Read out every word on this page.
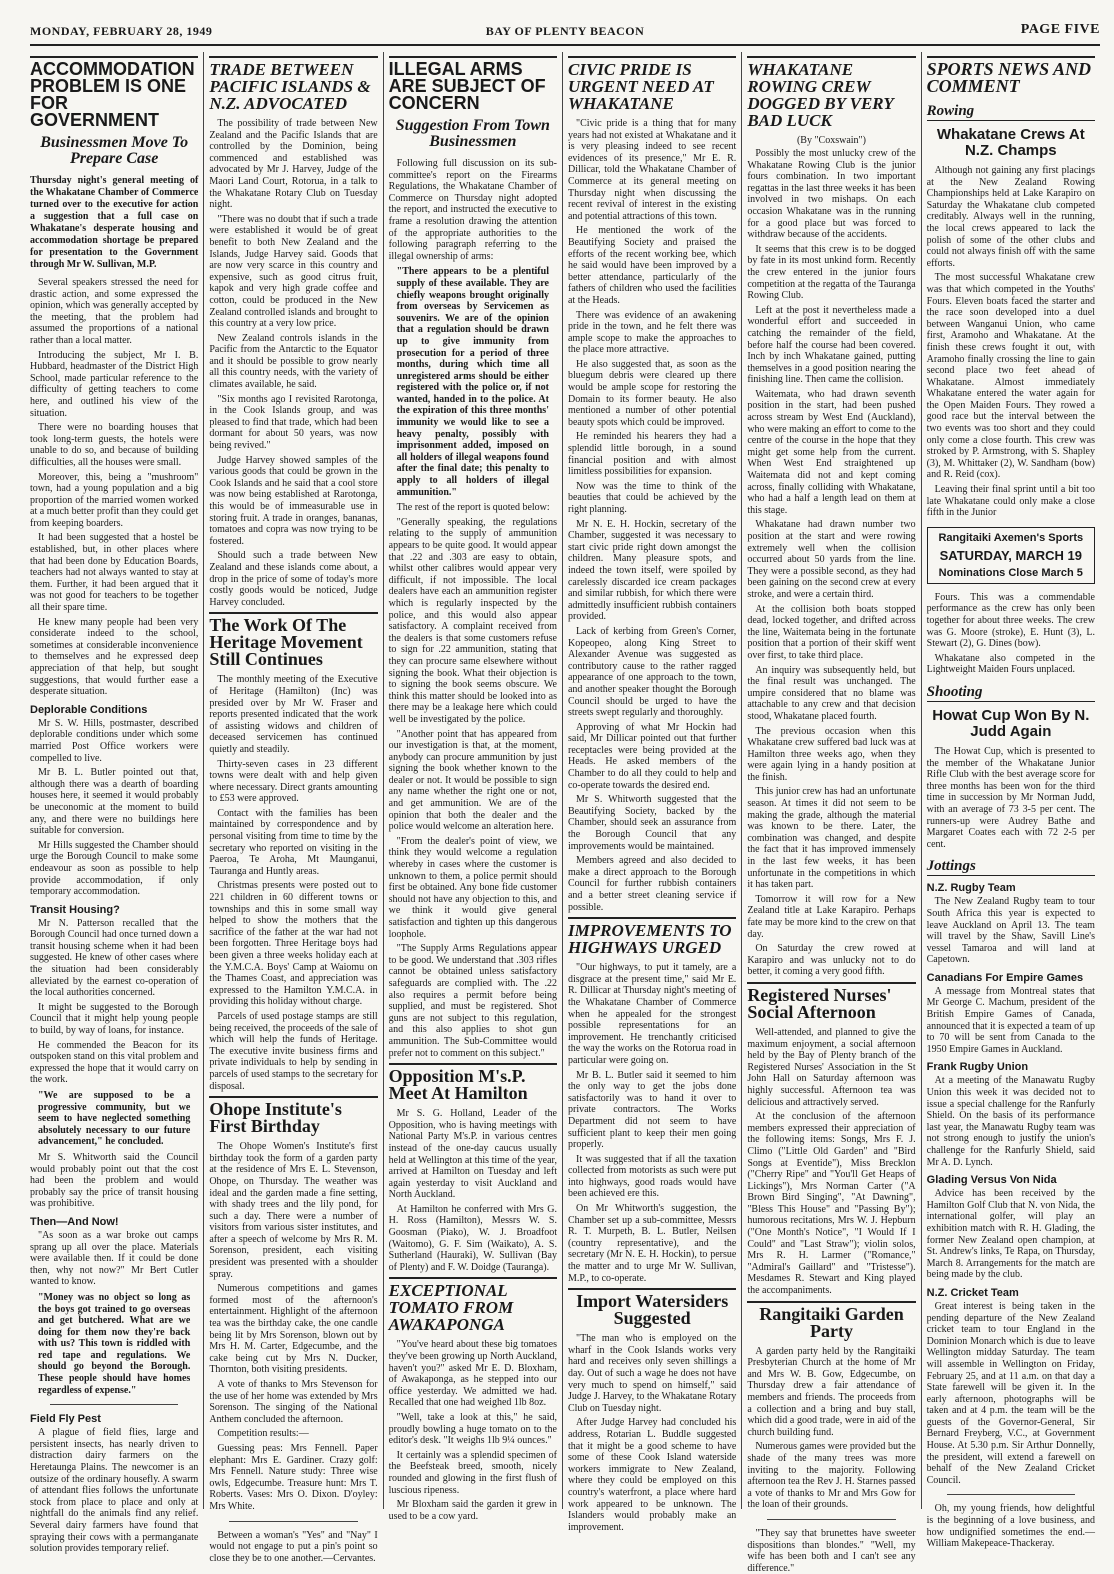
MONDAY, FEBRUARY 28, 1949	BAY OF PLENTY BEACON	PAGE FIVE
ACCOMMODATION PROBLEM IS ONE FOR GOVERNMENT
Businessmen Move To Prepare Case
Thursday night's general meeting of the Whakatane Chamber of Commerce turned over to the executive for action a suggestion that a full case on Whakatane's desperate housing and accommodation shortage be prepared for presentation to the Government through Mr W. Sullivan, M.P.

Several speakers stressed the need for drastic action, and some expressed the opinion, which was generally accepted by the meeting, that the problem had assumed the proportions of a national rather than a local matter.

Introducing the subject, Mr I. B. Hubbard, headmaster of the District High School, made particular reference to the difficulty of getting teachers to come here, and outlined his view of the situation.

There were no boarding houses that took long-term guests, the hotels were unable to do so, and because of building difficulties, all the houses were small.

Moreover, this, being a "mushroom" town, had a young population and a big proportion of the married women worked at a much better profit than they could get from keeping boarders.

It had been suggested that a hostel be established, but, in other places where that had been done by Education Boards, teachers had not always wanted to stay at them. Further, it had been argued that it was not good for teachers to be together all their spare time.

He knew many people had been very considerate indeed to the school, sometimes at considerable inconvenience to themselves and he expressed deep appreciation of that help, but sought suggestions, that would further ease a desperate situation.

Deplorable Conditions

Mr S. W. Hills, postmaster, described deplorable conditions under which some married Post Office workers were compelled to live.

Mr B. L. Butler pointed out that, although there was a dearth of boarding houses here, it seemed it would probably be uneconomic at the moment to build any, and there were no buildings here suitable for conversion.

Mr Hills suggested the Chamber should urge the Borough Council to make some endeavour as soon as possible to help provide accommodation, if only temporary accommodation.

Transit Housing?

Mr N. Patterson recalled that the Borough Council had once turned down a transit housing scheme when it had been suggested. He knew of other cases where the situation had been considerably alleviated by the earnest co-operation of the local authorities concerned.

It might be suggested to the Borough Council that it might help young people to build, by way of loans, for instance.

He commended the Beacon for its outspoken stand on this vital problem and expressed the hope that it would carry on the work.

"We are supposed to be a progressive community, but we seem to have neglected something absolutely necessary to our future advancement," he concluded.

Mr S. Whitworth said the Council would probably point out that the cost had been the problem and would probably say the price of transit housing was prohibitive.

Then—And Now!

"As soon as a war broke out camps sprang up all over the place. Materials were available then. If it could be done then, why not now?" Mr Bert Cutler wanted to know.

"Money was no object so long as the boys got trained to go overseas and get butchered. What are we doing for them now they're back with us? This town is riddled with red tape and regulations. We should go beyond the Borough. These people should have homes regardless of expense."
Field Fly Pest

A plague of field flies, large and persistent insects, has nearly driven to distraction dairy farmers on the Heretaunga Plains. The newcomer is an outsize of the ordinary housefly. A swarm of attendant flies follows the unfortunate stock from place to place and only at nightfall do the animals find any relief. Several dairy farmers have found that spraying their cows with a permanganate solution provides temporary relief.

TRADE BETWEEN PACIFIC ISLANDS & N.Z. ADVOCATED

The possibility of trade between New Zealand and the Pacific Islands that are controlled by the Dominion, being commenced and established was advocated by Mr J. Harvey, Judge of the Maori Land Court, Rotorua, in a talk to the Whakatane Rotary Club on Tuesday night.

"There was no doubt that if such a trade were established it would be of great benefit to both New Zealand and the Islands, Judge Harvey said. Goods that are now very scarce in this country and expensive, such as good citrus fruit, kapok and very high grade coffee and cotton, could be produced in the New Zealand controlled islands and brought to this country at a very low price.

New Zealand controls islands in the Pacific from the Antarctic to the Equator and it should be possible to grow nearly all this country needs, with the variety of climates available, he said.

"Six months ago I revisited Rarotonga, in the Cook Islands group, and was pleased to find that trade, which had been dormant for about 50 years, was now being revived."

Judge Harvey showed samples of the various goods that could be grown in the Cook Islands and he said that a cool store was now being established at Rarotonga, this would be of immeasurable use in storing fruit. A trade in oranges, bananas, tomatoes and copra was now trying to be fostered.

Should such a trade between New Zealand and these islands come about, a drop in the price of some of today's more costly goods would be noticed, Judge Harvey concluded.

The Work Of The Heritage Movement Still Continues

The monthly meeting of the Executive of Heritage (Hamilton) (Inc) was presided over by Mr W. Fraser and reports presented indicated that the work of assisting widows and children of deceased servicemen has continued quietly and steadily.

Thirty-seven cases in 23 different towns were dealt with and help given where necessary. Direct grants amounting to £53 were approved.

Contact with the families has been maintained by correspondence and by personal visiting from time to time by the secretary who reported on visiting in the Paeroa, Te Aroha, Mt Maunganui, Tauranga and Huntly areas.

Christmas presents were posted out to 221 children in 60 different towns or townships and this in some small way helped to show the mothers that the sacrifice of the father at the war had not been forgotten. Three Heritage boys had been given a three weeks holiday each at the Y.M.C.A. Boys' Camp at Waiomu on the Thames Coast, and appreciation was expressed to the Hamilton Y.M.C.A. in providing this holiday without charge.

Parcels of used postage stamps are still being received, the proceeds of the sale of which will help the funds of Heritage. The executive invite business firms and private individuals to help by sending in parcels of used stamps to the secretary for disposal.

Ohope Institute's First Birthday

The Ohope Women's Institute's first birthday took the form of a garden party at the residence of Mrs E. L. Stevenson, Ohope, on Thursday. The weather was ideal and the garden made a fine setting, with shady trees and the lily pond, for such a day. There were a number of visitors from various sister institutes, and after a speech of welcome by Mrs R. M. Sorenson, president, each visiting president was presented with a shoulder spray.

Numerous competitions and games formed most of the afternoon's entertainment. Highlight of the afternoon tea was the birthday cake, the one candle being lit by Mrs Sorenson, blown out by Mrs H. M. Carter, Edgecumbe, and the cake being cut by Mrs N. Ducker, Thornton, both visiting presidents.

A vote of thanks to Mrs Stevenson for the use of her home was extended by Mrs Sorenson. The singing of the National Anthem concluded the afternoon.

Competition results:—

Guessing peas: Mrs Fennell. Paper elephant: Mrs E. Gardiner. Crazy golf: Mrs Fennell. Nature study: Three wise owls, Edgecumbe. Treasure hunt: Mrs T. Roberts. Vases: Mrs O. Dixon. D'oyley: Mrs White.

Between a woman's "Yes" and "Nay" I would not engage to put a pin's point so close they be to one another.—Cervantes.

ILLEGAL ARMS ARE SUBJECT OF CONCERN
Suggestion From Town Businessmen

Following full discussion on its sub-committee's report on the Firearms Regulations, the Whakatane Chamber of Commerce on Thursday night adopted the report, and instructed the executive to frame a resolution drawing the attention of the appropriate authorities to the following paragraph referring to the illegal ownership of arms:

"There appears to be a plentiful supply of these available. They are chiefly weapons brought originally from overseas by Servicemen as souvenirs. We are of the opinion that a regulation should be drawn up to give immunity from prosecution for a period of three months, during which time all unregistered arms should be either registered with the police or, if not wanted, handed in to the police. At the expiration of this three months' immunity we would like to see a heavy penalty, possibly with imprisonment added, imposed on all holders of illegal weapons found after the final date; this penalty to apply to all holders of illegal ammunition."

The rest of the report is quoted below:

"Generally speaking, the regulations relating to the supply of ammunition appears to be quite good. It would appear that .22 and .303 are easy to obtain, whilst other calibres would appear very difficult, if not impossible. The local dealers have each an ammunition register which is regularly inspected by the police, and this would also appear satisfactory. A complaint received from the dealers is that some customers refuse to sign for .22 ammunition, stating that they can procure same elsewhere without signing the book. What their objection is to signing the book seems obscure. We think this matter should be looked into as there may be a leakage here which could well be investigated by the police.

"Another point that has appeared from our investigation is that, at the moment, anybody can procure ammunition by just signing the book whether known to the dealer or not. It would be possible to sign any name whether the right one or not, and get ammunition. We are of the opinion that both the dealer and the police would welcome an alteration here.

"From the dealer's point of view, we think they would welcome a regulation whereby in cases where the customer is unknown to them, a police permit should first be obtained. Any bone fide customer should not have any objection to this, and we think it would give general satisfaction and tighten up this dangerous loophole.

"The Supply Arms Regulations appear to be good. We understand that .303 rifles cannot be obtained unless satisfactory safeguards are complied with. The .22 also requires a permit before being supplied, and must be registered. Shot guns are not subject to this regulation, and this also applies to shot gun ammunition. The Sub-Committee would prefer not to comment on this subject."

Opposition M's.P. Meet At Hamilton

Mr S. G. Holland, Leader of the Opposition, who is having meetings with National Party M's.P. in various centres instead of the one-day caucus usually held at Wellington at this time of the year, arrived at Hamilton on Tuesday and left again yesterday to visit Auckland and North Auckland.

At Hamilton he conferred with Mrs G. H. Ross (Hamilton), Messrs W. S. Goosman (Piako), W. J. Broadfoot (Waitomo), G. F. Sim (Waikato), A. S. Sutherland (Hauraki), W. Sullivan (Bay of Plenty) and F. W. Doidge (Tauranga).

EXCEPTIONAL TOMATO FROM AWAKAPONGA

"You've heard about these big tomatoes they've been growing up North Auckland, haven't you?" asked Mr E. D. Bloxham, of Awakaponga, as he stepped into our office yesterday. We admitted we had. Recalled that one had weighed 1lb 8oz.

"Well, take a look at this," he said, proudly bowling a huge tomato on to the editor's desk. "It weighs 1lb 9¼ ounces."

It certainly was a splendid specimen of the Beefsteak breed, smooth, nicely rounded and glowing in the first flush of luscious ripeness.

Mr Bloxham said the garden it grew in used to be a cow yard.

CIVIC PRIDE IS URGENT NEED AT WHAKATANE

"Civic pride is a thing that for many years had not existed at Whakatane and it is very pleasing indeed to see recent evidences of its presence," Mr E. R. Dillicar, told the Whakatane Chamber of Commerce at its general meeting on Thursday night when discussing the recent revival of interest in the existing and potential attractions of this town.

He mentioned the work of the Beautifying Society and praised the efforts of the recent working bee, which he said would have been improved by a better attendance, particularly of the fathers of children who used the facilities at the Heads.

There was evidence of an awakening pride in the town, and he felt there was ample scope to make the approaches to the place more attractive.

He also suggested that, as soon as the bluegum debris were cleared up there would be ample scope for restoring the Domain to its former beauty. He also mentioned a number of other potential beauty spots which could be improved.

He reminded his hearers they had a splendid little borough, in a sound financial position and with almost limitless possibilities for expansion.

Now was the time to think of the beauties that could be achieved by the right planning.

Mr N. E. H. Hockin, secretary of the Chamber, suggested it was necessary to start civic pride right down amongst the children. Many pleasure spots, and indeed the town itself, were spoiled by carelessly discarded ice cream packages and similar rubbish, for which there were admittedly insufficient rubbish containers provided.

Lack of kerbing from Green's Corner, Kopeopeo, along King Street to Alexander Avenue was suggested as contributory cause to the rather ragged appearance of one approach to the town, and another speaker thought the Borough Council should be urged to have the streets swept regularly and thoroughly.

Approving of what Mr Hockin had said, Mr Dillicar pointed out that further receptacles were being provided at the Heads. He asked members of the Chamber to do all they could to help and co-operate towards the desired end.

Mr S. Whitworth suggested that the Beautifying Society, backed by the Chamber, should seek an assurance from the Borough Council that any improvements would be maintained.

Members agreed and also decided to make a direct approach to the Borough Council for further rubbish containers and a better street cleaning service if possible.

IMPROVEMENTS TO HIGHWAYS URGED

"Our highways, to put it tamely, are a disgrace at the present time," said Mr E. R. Dillicar at Thursday night's meeting of the Whakatane Chamber of Commerce when he appealed for the strongest possible representations for an improvement. He trenchantly criticised the way the works on the Rotorua road in particular were going on.

Mr B. L. Butler said it seemed to him the only way to get the jobs done satisfactorily was to hand it over to private contractors. The Works Department did not seem to have sufficient plant to keep their men going properly.

It was suggested that if all the taxation collected from motorists as such were put into highways, good roads would have been achieved ere this.

On Mr Whitworth's suggestion, the Chamber set up a sub-committee, Messrs R. T. Murpeth, B. L. Butler, Neilsen (country representative), and the secretary (Mr N. E. H. Hockin), to persue the matter and to urge Mr W. Sullivan, M.P., to co-operate.

Import Watersiders Suggested

"The man who is employed on the wharf in the Cook Islands works very hard and receives only seven shillings a day. Out of such a wage he does not have very much to spend on himself," said Judge J. Harvey, to the Whakatane Rotary Club on Tuesday night.

After Judge Harvey had concluded his address, Rotarian L. Buddle suggested that it might be a good scheme to have some of these Cook Island waterside workers immigrate to New Zealand, where they could be employed on this country's waterfront, a place where hard work appeared to be unknown. The Islanders would probably make an improvement.

WHAKATANE ROWING CREW DOGGED BY VERY BAD LUCK
(By "Coxswain")

Possibly the most unlucky crew of the Whakatane Rowing Club is the junior fours combination. In two important regattas in the last three weeks it has been involved in two mishaps. On each occasion Whakatane was in the running for a good place but was forced to withdraw because of the accidents.

It seems that this crew is to be dogged by fate in its most unkind form. Recently the crew entered in the junior fours competition at the regatta of the Tauranga Rowing Club.

Left at the post it nevertheless made a wonderful effort and succeeded in catching the remainder of the field, before half the course had been covered. Inch by inch Whakatane gained, putting themselves in a good position nearing the finishing line. Then came the collision.

Waitemata, who had drawn seventh position in the start, had been pushed across stream by West End (Auckland), who were making an effort to come to the centre of the course in the hope that they might get some help from the current. When West End straightened up Waitemata did not and kept coming across, finally colliding with Whakatane, who had a half a length lead on them at this stage.

Whakatane had drawn number two position at the start and were rowing extremely well when the collision occurred about 50 yards from the line. They were a possible second, as they had been gaining on the second crew at every stroke, and were a certain third.

At the collision both boats stopped dead, locked together, and drifted across the line, Waitemata being in the fortunate position that a portion of their skiff went over first, to take third place.

An inquiry was subsequently held, but the final result was unchanged. The umpire considered that no blame was attachable to any crew and that decision stood, Whakatane placed fourth.

The previous occasion when this Whakatane crew suffered bad luck was at Hamilton three weeks ago, when they were again lying in a handy position at the finish.

This junior crew has had an unfortunate season. At times it did not seem to be making the grade, although the material was known to be there. Later, the combination was changed, and despite the fact that it has improved immensely in the last few weeks, it has been unfortunate in the competitions in which it has taken part.

Tomorrow it will row for a New Zealand title at Lake Karapiro. Perhaps fate may be more kind to the crew on that day.

On Saturday the crew rowed at Karapiro and was unlucky not to do better, it coming a very good fifth.

Registered Nurses' Social Afternoon

Well-attended, and planned to give the maximum enjoyment, a social afternoon held by the Bay of Plenty branch of the Registered Nurses' Association in the St John Hall on Saturday afternoon was highly successful. Afternoon tea was delicious and attractively served.

At the conclusion of the afternoon members expressed their appreciation of the following items: Songs, Mrs F. J. Climo ("Little Old Garden" and "Bird Songs at Eventide"), Miss Brecklon ("Cherry Ripe" and "You'll Get Heaps of Lickings"), Mrs Norman Carter ("A Brown Bird Singing", "At Dawning", "Bless This House" and "Passing By"); humorous recitations, Mrs W. J. Hepburn ("One Month's Notice", "I Would If I Could" and "Last Straw"); violin solos, Mrs R. H. Larmer ("Romance," "Admiral's Gaillard" and "Tristesse"). Mesdames R. Stewart and King played the accompaniments.

Rangitaiki Garden Party

A garden party held by the Rangitaiki Presbyterian Church at the home of Mr and Mrs W. B. Gow, Edgecumbe, on Thursday drew a fair attendance of members and friends. The proceeds from a collection and a bring and buy stall, which did a good trade, were in aid of the church building fund.

Numerous games were provided but the shade of the many trees was more inviting to the majority. Following afternoon tea the Rev J. H. Starnes passed a vote of thanks to Mr and Mrs Gow for the loan of their grounds.

"They say that brunettes have sweeter dispositions than blondes." "Well, my wife has been both and I can't see any difference."

SPORTS NEWS AND COMMENT
Rowing
Whakatane Crews At N.Z. Champs

Although not gaining any first placings at the New Zealand Rowing Championships held at Lake Karapiro on Saturday the Whakatane club competed creditably. Always well in the running, the local crews appeared to lack the polish of some of the other clubs and could not always finish off with the same efforts.

The most successful Whakatane crew was that which competed in the Youths' Fours. Eleven boats faced the starter and the race soon developed into a duel between Wanganui Union, who came first, Aramoho and Whakatane. At the finish these crews fought it out, with Aramoho finally crossing the line to gain second place two feet ahead of Whakatane. Almost immediately Whakatane entered the water again for the Open Maiden Fours. They rowed a good race but the interval between the two events was too short and they could only come a close fourth. This crew was stroked by P. Armstrong, with S. Shapley (3), M. Whittaker (2), W. Sandham (bow) and R. Reid (cox).

Leaving their final sprint until a bit too late Whakatane could only make a close fifth in the Junior

Rangitaiki Axemen's Sports
SATURDAY, MARCH 19
Nominations Close March 5

Fours. This was a commendable performance as the crew has only been together for about three weeks. The crew was G. Moore (stroke), E. Hunt (3), L. Stewart (2), G. Dines (bow).

Whakatane also competed in the Lightweight Maiden Fours unplaced.

Shooting
Howat Cup Won By N. Judd Again

The Howat Cup, which is presented to the member of the Whakatane Junior Rifle Club with the best average score for three months has been won for the third time in succession by Mr Norman Judd, with an average of 73 3-5 per cent. The runners-up were Audrey Bathe and Margaret Coates each with 72 2-5 per cent.

Jottings
N.Z. Rugby Team

The New Zealand Rugby team to tour South Africa this year is expected to leave Auckland on April 13. The team will travel by the Shaw, Savill Line's vessel Tamaroa and will land at Capetown.

Canadians For Empire Games

A message from Montreal states that Mr George C. Machum, president of the British Empire Games of Canada, announced that it is expected a team of up to 70 will be sent from Canada to the 1950 Empire Games in Auckland.

Frank Rugby Union

At a meeting of the Manawatu Rugby Union this week it was decided not to issue a special challenge for the Ranfurly Shield. On the basis of its performance last year, the Manawatu Rugby team was not strong enough to justify the union's challenge for the Ranfurly Shield, said Mr A. D. Lynch.

Glading Versus Von Nida

Advice has been received by the Hamilton Golf Club that N. von Nida, the international golfer, will play an exhibition match with R. H. Glading, the former New Zealand open champion, at St. Andrew's links, Te Rapa, on Thursday, March 8. Arrangements for the match are being made by the club.

N.Z. Cricket Team

Great interest is being taken in the pending departure of the New Zealand cricket team to tour England in the Dominion Monarch which is due to leave Wellington midday Saturday. The team will assemble in Wellington on Friday, February 25, and at 11 a.m. on that day a State farewell will be given it. In the early afternoon, photographs will be taken and at 4 p.m. the team will be the guests of the Governor-General, Sir Bernard Freyberg, V.C., at Government House. At 5.30 p.m. Sir Arthur Donnelly, the president, will extend a farewell on behalf of the New Zealand Cricket Council.

Oh, my young friends, how delightful is the beginning of a love business, and how undignified sometimes the end.—William Makepeace-Thackeray.
